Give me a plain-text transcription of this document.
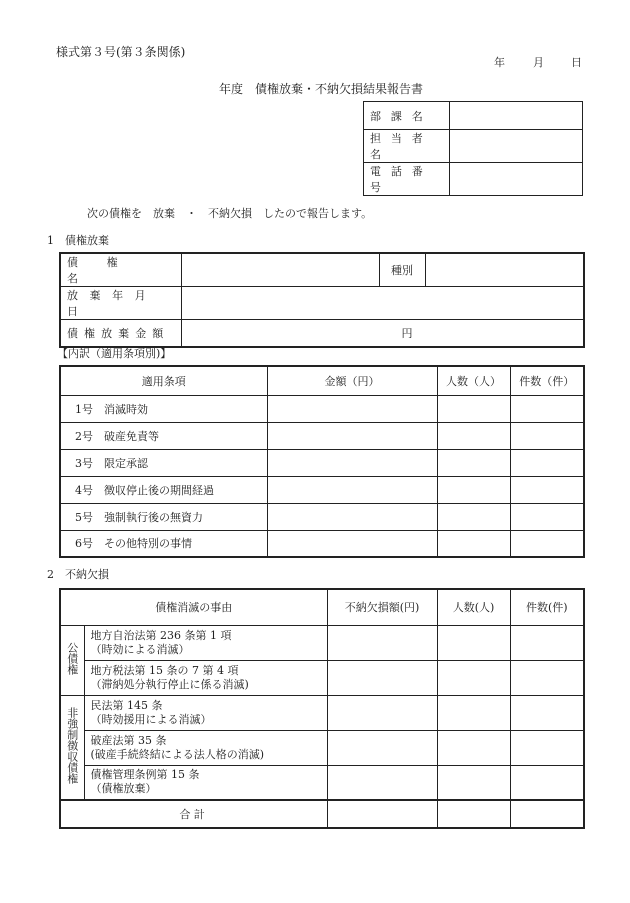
様式第３号(第３条関係)
年	月 日
年度　債権放棄・不納欠損結果報告書
部課名	
担当者名	
電話番号	
次の債権を　放棄　・　不納欠損　したので報告します。
1　債権放棄
債権名		種別	
放棄年月日			
債権放棄金額	円		
【内訳（適用条項別)】
適用条項	金額（円）	人数（人）	件数（件）
1号　消滅時効			
2号　破産免責等			
3号　限定承認			
4号　徴収停止後の期間経過			
5号　強制執行後の無資力			
6号　その他特別の事情			
2　不納欠損
債権消滅の事由		不納欠損額(円)	人数(人)	件数(件)
公債権	地方自治法第 236 条第 1 項
（時効による消滅）			

	地方税法第 15 条の 7 第 4 項
（滞納処分執行停止に係る消滅)			

非強制徴収債権	民法第 145 条
（時効援用による消滅）			

	破産法第 35 条
(破産手続終結による法人格の消滅)			

	債権管理条例第 15 条
（債権放棄）			

合計				
